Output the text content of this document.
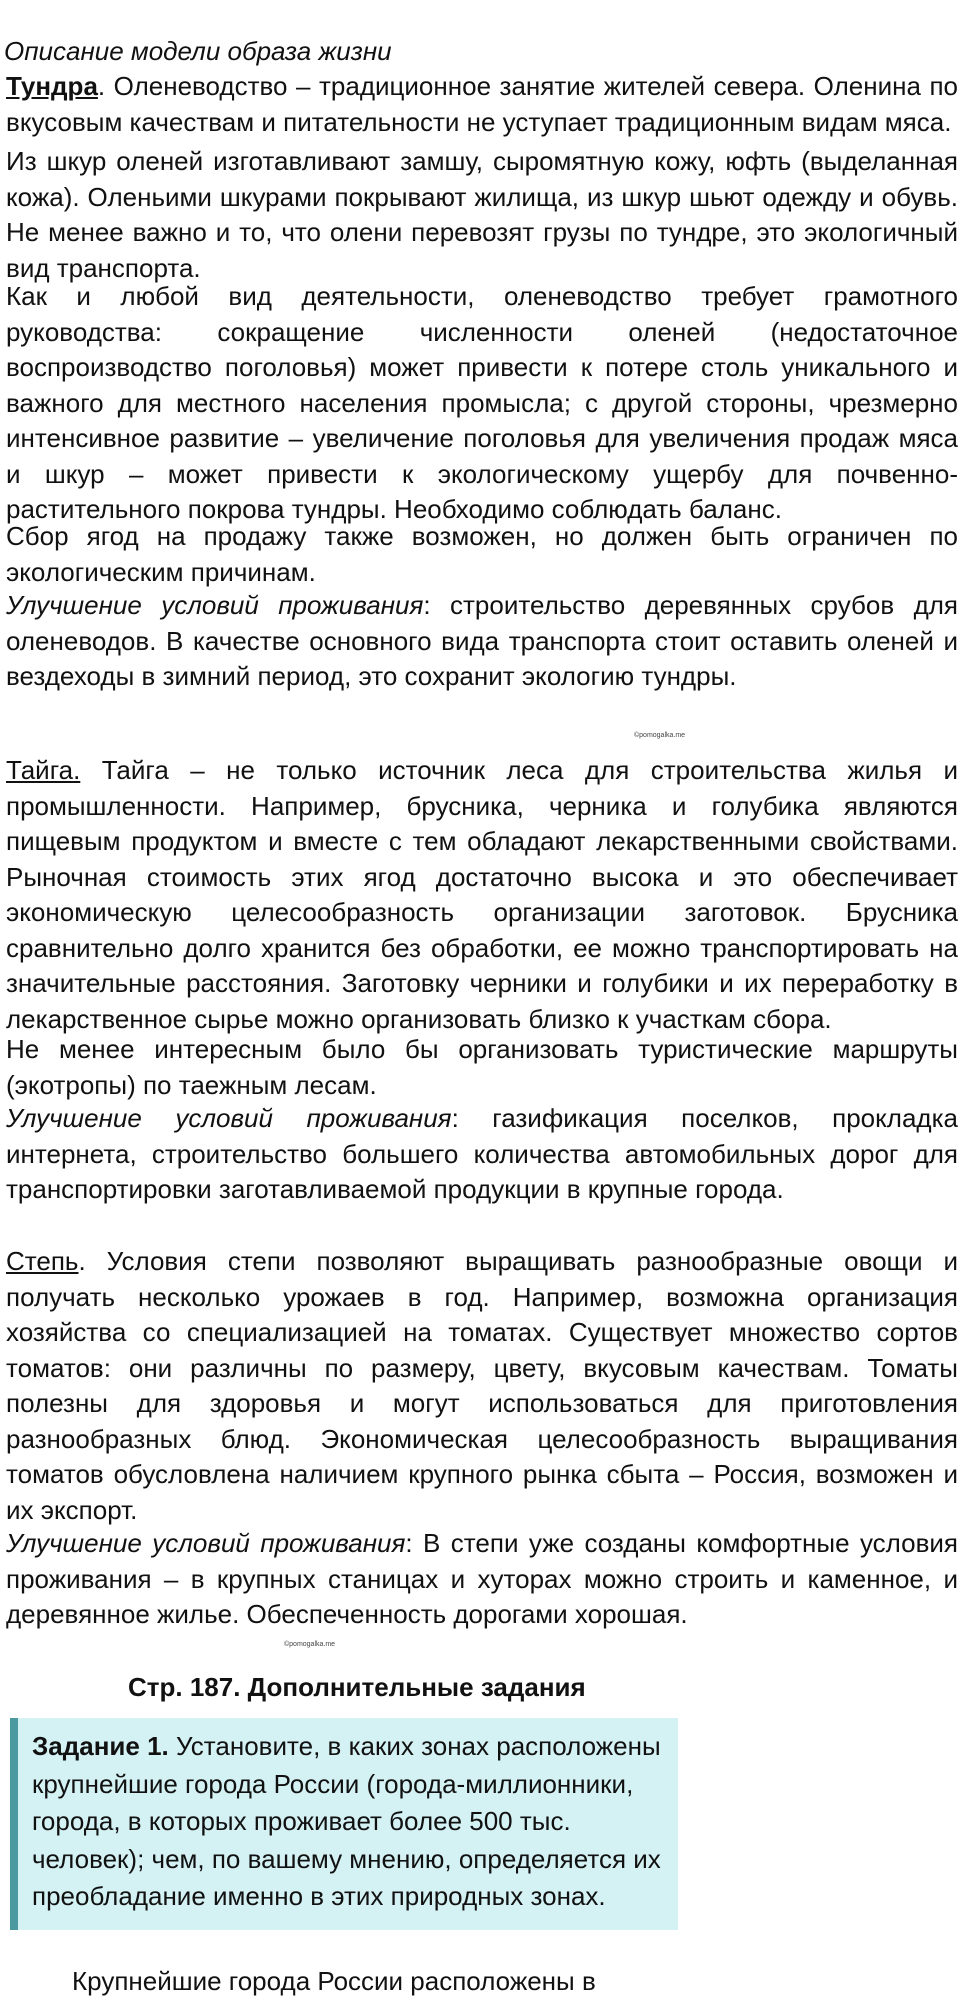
Описание модели образа жизни

Тундра. Оленеводство – традиционное занятие жителей севера. Оленина по вкусовым качествам и питательности не уступает традиционным видам мяса.

Из шкур оленей изготавливают замшу, сыромятную кожу, юфть (выделанная кожа). Оленьими шкурами покрывают жилища, из шкур шьют одежду и обувь. Не менее важно и то, что олени перевозят грузы по тундре, это экологичный вид транспорта.

Как и любой вид деятельности, оленеводство требует грамотного руководства: сокращение численности оленей (недостаточное воспроизводство поголовья) может привести к потере столь уникального и важного для местного населения промысла; с другой стороны, чрезмерно интенсивное развитие – увеличение поголовья для увеличения продаж мяса и шкур – может привести к экологическому ущербу для почвенно-растительного покрова тундры. Необходимо соблюдать баланс.

Сбор ягод на продажу также возможен, но должен быть ограничен по экологическим причинам.

Улучшение условий проживания: строительство деревянных срубов для оленеводов. В качестве основного вида транспорта стоит оставить оленей и вездеходы в зимний период, это сохранит экологию тундры.

©pomogalka.me

Тайга. Тайга – не только источник леса для строительства жилья и промышленности. Например, брусника, черника и голубика являются пищевым продуктом и вместе с тем обладают лекарственными свойствами. Рыночная стоимость этих ягод достаточно высока и это обеспечивает экономическую целесообразность организации заготовок. Брусника сравнительно долго хранится без обработки, ее можно транспортировать на значительные расстояния. Заготовку черники и голубики и их переработку в лекарственное сырье можно организовать близко к участкам сбора.

Не менее интересным было бы организовать туристические маршруты (экотропы) по таежным лесам.

Улучшение условий проживания: газификация поселков, прокладка интернета, строительство большего количества автомобильных дорог для транспортировки заготавливаемой продукции в крупные города.

Степь. Условия степи позволяют выращивать разнообразные овощи и получать несколько урожаев в год. Например, возможна организация хозяйства со специализацией на томатах. Существует множество сортов томатов: они различны по размеру, цвету, вкусовым качествам. Томаты полезны для здоровья и могут использоваться для приготовления разнообразных блюд. Экономическая целесообразность выращивания томатов обусловлена наличием крупного рынка сбыта – Россия, возможен и их экспорт.

Улучшение условий проживания: В степи уже созданы комфортные условия проживания – в крупных станицах и хуторах можно строить и каменное, и деревянное жилье. Обеспеченность дорогами хорошая.

©pomogalka.me

Стр. 187. Дополнительные задания

Задание 1. Установите, в каких зонах расположены крупнейшие города России (города-миллионники, города, в которых проживает более 500 тыс. человек); чем, по вашему мнению, определяется их преобладание именно в этих природных зонах.

Крупнейшие города России расположены в
